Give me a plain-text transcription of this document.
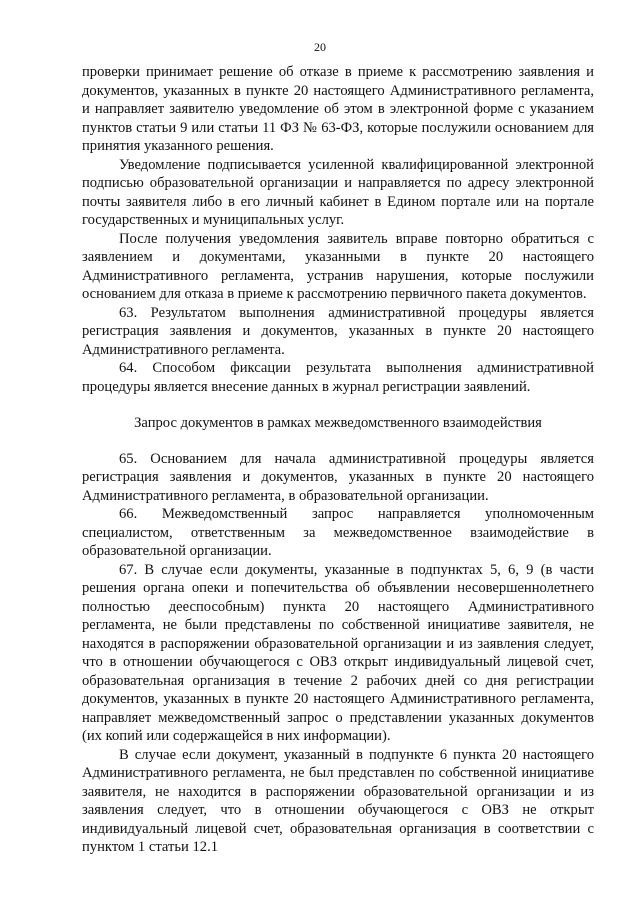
20

проверки принимает решение об отказе в приеме к рассмотрению заявления и документов, указанных в пункте 20 настоящего Административного регламента, и направляет заявителю уведомление об этом в электронной форме с указанием пунктов статьи 9 или статьи 11 ФЗ № 63-ФЗ, которые послужили основанием для принятия указанного решения.

Уведомление подписывается усиленной квалифицированной электронной подписью образовательной организации и направляется по адресу электронной почты заявителя либо в его личный кабинет в Едином портале или на портале государственных и муниципальных услуг.

После получения уведомления заявитель вправе повторно обратиться с заявлением и документами, указанными в пункте 20 настоящего Административного регламента, устранив нарушения, которые послужили основанием для отказа в приеме к рассмотрению первичного пакета документов.

63. Результатом выполнения административной процедуры является регистрация заявления и документов, указанных в пункте 20 настоящего Административного регламента.

64. Способом фиксации результата выполнения административной процедуры является внесение данных в журнал регистрации заявлений.

Запрос документов в рамках межведомственного взаимодействия

65. Основанием для начала административной процедуры является регистрация заявления и документов, указанных в пункте 20 настоящего Административного регламента, в образовательной организации.

66. Межведомственный запрос направляется уполномоченным специалистом, ответственным за межведомственное взаимодействие в образовательной организации.

67. В случае если документы, указанные в подпунктах 5, 6, 9 (в части решения органа опеки и попечительства об объявлении несовершеннолетнего полностью дееспособным) пункта 20 настоящего Административного регламента, не были представлены по собственной инициативе заявителя, не находятся в распоряжении образовательной организации и из заявления следует, что в отношении обучающегося с ОВЗ открыт индивидуальный лицевой счет, образовательная организация в течение 2 рабочих дней со дня регистрации документов, указанных в пункте 20 настоящего Административного регламента, направляет межведомственный запрос о представлении указанных документов (их копий или содержащейся в них информации).

В случае если документ, указанный в подпункте 6 пункта 20 настоящего Административного регламента, не был представлен по собственной инициативе заявителя, не находится в распоряжении образовательной организации и из заявления следует, что в отношении обучающегося с ОВЗ не открыт индивидуальный лицевой счет, образовательная организация в соответствии с пунктом 1 статьи 12.1
